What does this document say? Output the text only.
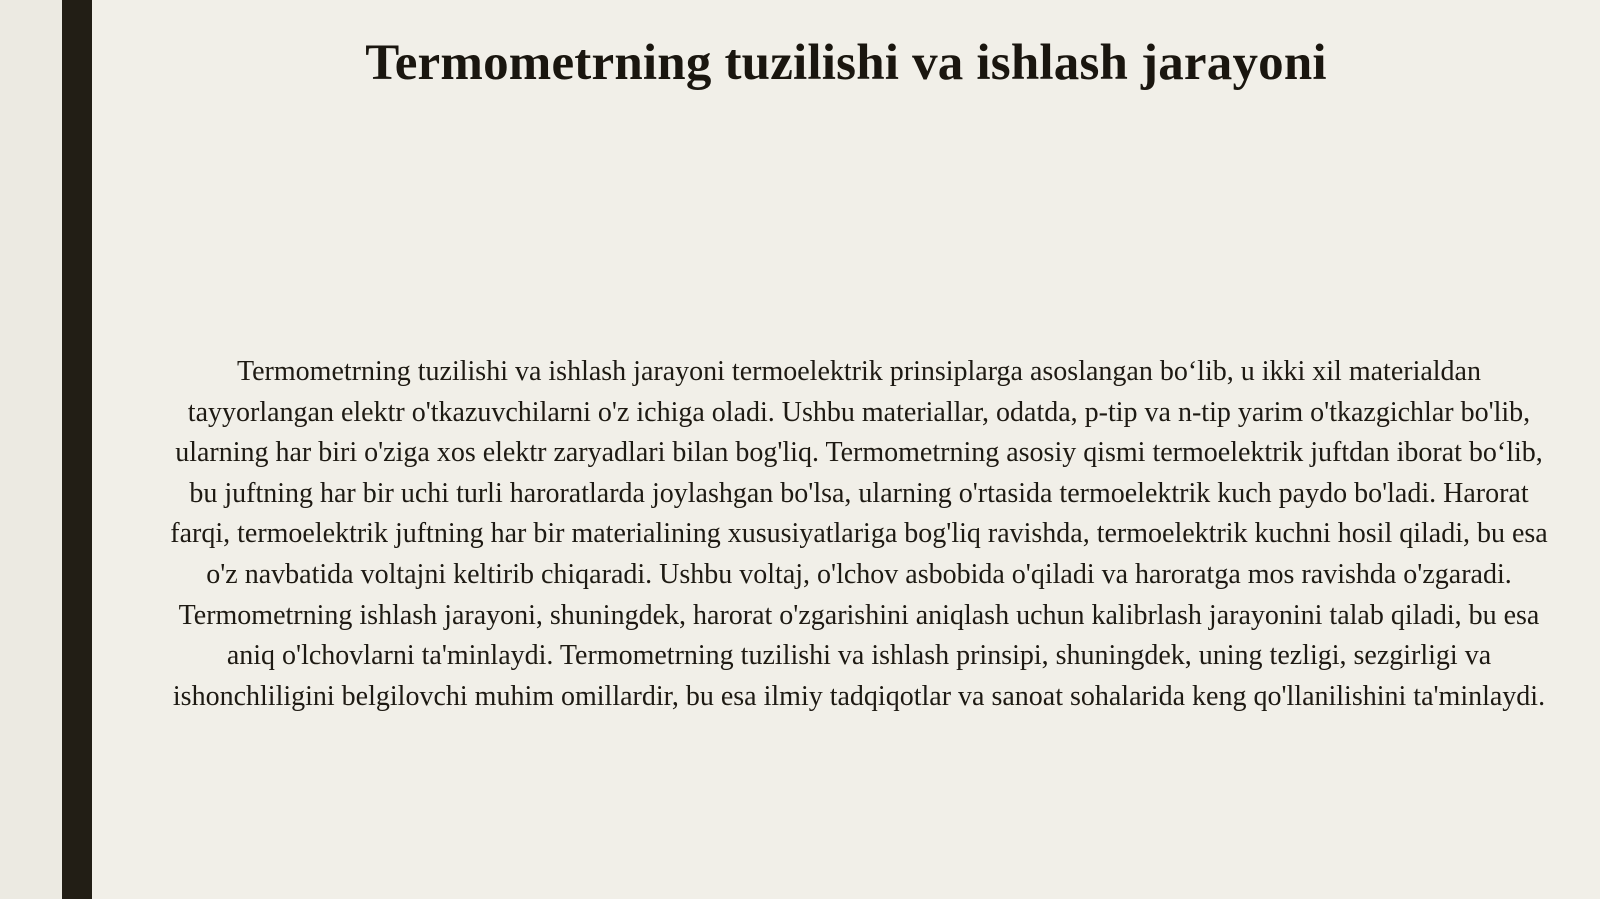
Termometrning tuzilishi va ishlash jarayoni

Termometrning tuzilishi va ishlash jarayoni termoelektrik prinsiplarga asoslangan bo‘lib, u ikki xil materialdan tayyorlangan elektr o'tkazuvchilarni o'z ichiga oladi. Ushbu materiallar, odatda, p-tip va n-tip yarim o'tkazgichlar bo'lib, ularning har biri o'ziga xos elektr zaryadlari bilan bog'liq. Termometrning asosiy qismi termoelektrik juftdan iborat bo‘lib, bu juftning har bir uchi turli haroratlarda joylashgan bo'lsa, ularning o'rtasida termoelektrik kuch paydo bo'ladi. Harorat farqi, termoelektrik juftning har bir materialining xususiyatlariga bog'liq ravishda, termoelektrik kuchni hosil qiladi, bu esa o'z navbatida voltajni keltirib chiqaradi. Ushbu voltaj, o'lchov asbobida o'qiladi va haroratga mos ravishda o'zgaradi. Termometrning ishlash jarayoni, shuningdek, harorat o'zgarishini aniqlash uchun kalibrlash jarayonini talab qiladi, bu esa aniq o'lchovlarni ta'minlaydi. Termometrning tuzilishi va ishlash prinsipi, shuningdek, uning tezligi, sezgirligi va ishonchliligini belgilovchi muhim omillardir, bu esa ilmiy tadqiqotlar va sanoat sohalarida keng qo'llanilishini ta'minlaydi.
